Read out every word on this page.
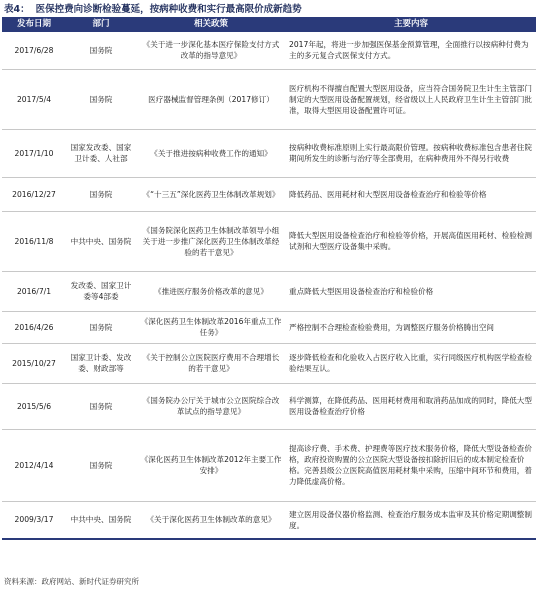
表4： 医保控费向诊断检验蔓延，按病种收费和实行最高限价成新趋势
发布日期	部门	相关政策	主要内容
2017/6/28	国务院	《关于进一步深化基本医疗保险支付方式改革的指导意见》	2017年起，将进一步加强医保基金预算管理，全面推行以按病种付费为主的多元复合式医保支付方式。
2017/5/4	国务院	医疗器械监督管理条例（2017修订）	医疗机构不得擅自配置大型医用设备，应当符合国务院卫生计生主管部门制定的大型医用设备配置规划，经省级以上人民政府卫生计生主管部门批准，取得大型医用设备配置许可证。
2017/1/10	国家发改委、国家卫计委、人社部	《关于推进按病种收费工作的通知》	按病种收费标准原则上实行最高限价管理。按病种收费标准包含患者住院期间所发生的诊断与治疗等全部费用，在病种费用外不得另行收费
2016/12/27	国务院	《“十三五”深化医药卫生体制改革规划》	降低药品、医用耗材和大型医用设备检查治疗和检验等价格
2016/11/8	中共中央、国务院	《国务院深化医药卫生体制改革领导小组关于进一步推广深化医药卫生体制改革经验的若干意见》	降低大型医用设备检查治疗和检验等价格，开展高值医用耗材、检验检测试剂和大型医疗设备集中采购。
2016/7/1	发改委、国家卫计委等4部委	《推进医疗服务价格改革的意见》	重点降低大型医用设备检查治疗和检验价格
2016/4/26	国务院	《深化医药卫生体制改革2016年重点工作任务》	严格控制不合理检查检验费用，为调整医疗服务价格腾出空间
2015/10/27	国家卫计委、发改委、财政部等	《关于控制公立医院医疗费用不合理增长的若干意见》	逐步降低检查和化验收入占医疗收入比重，实行同级医疗机构医学检查检验结果互认。
2015/5/6	国务院	《国务院办公厅关于城市公立医院综合改革试点的指导意见》	科学测算，在降低药品、医用耗材费用和取消药品加成的同时，降低大型医用设备检查治疗价格
2012/4/14	国务院	《深化医药卫生体制改革2012年主要工作安排》	提高诊疗费、手术费、护理费等医疗技术服务价格，降低大型设备检查价格，政府投资购置的公立医院大型设备按扣除折旧后的成本制定检查价格。完善县级公立医院高值医用耗材集中采购，压缩中间环节和费用，着力降低虚高价格。
2009/3/17	中共中央、国务院	《关于深化医药卫生体制改革的意见》	建立医用设备仪器价格监测、检查治疗服务成本监审及其价格定期调整制度。
资料来源：政府网站、新时代证券研究所
